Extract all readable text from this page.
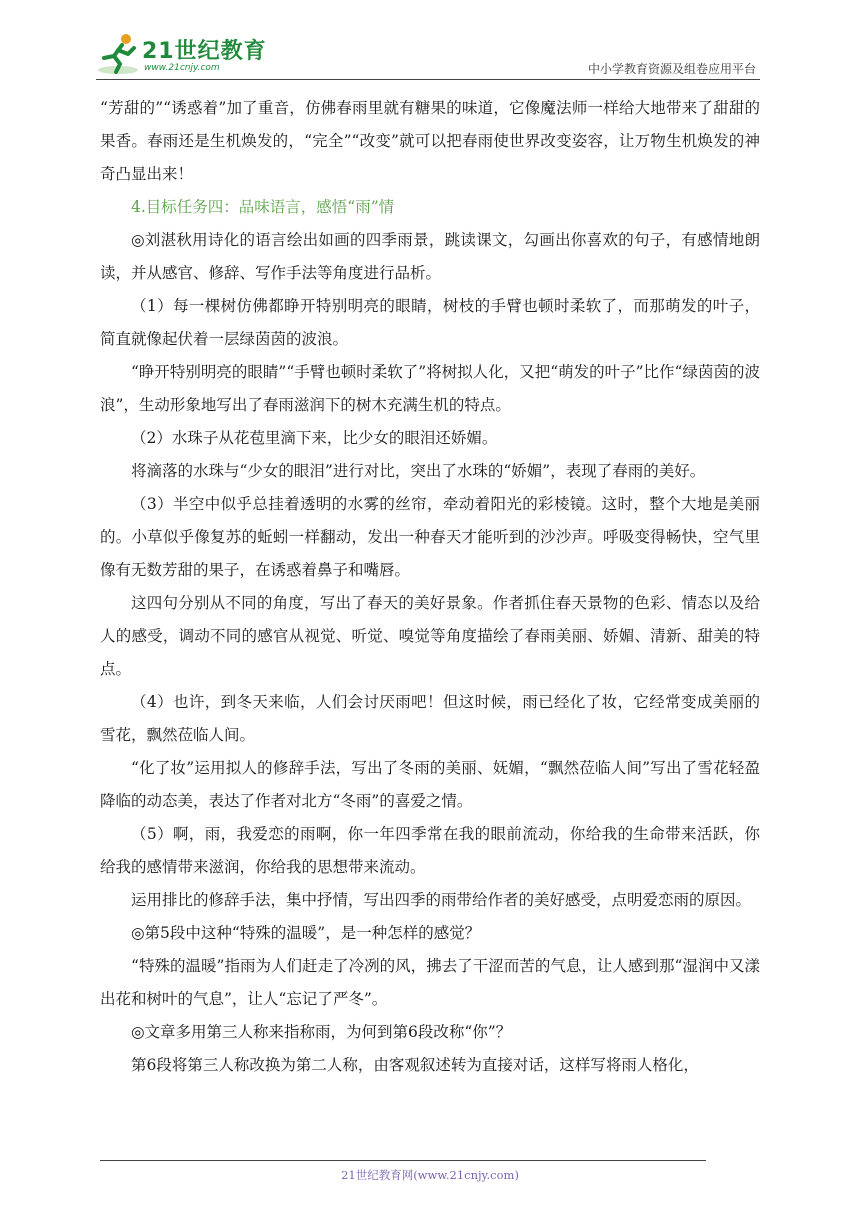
21世纪教育
www.21cnjy.com	中小学教育资源及组卷应用平台

“芳甜的”“诱惑着”加了重音，仿佛春雨里就有糖果的味道，它像魔法师一样给大地带来了甜甜的果香。春雨还是生机焕发的，“完全”“改变”就可以把春雨使世界改变姿容，让万物生机焕发的神奇凸显出来！

4.目标任务四：品味语言，感悟“雨”情

◎刘湛秋用诗化的语言绘出如画的四季雨景，跳读课文，勾画出你喜欢的句子，有感情地朗读，并从感官、修辞、写作手法等角度进行品析。

（1）每一棵树仿佛都睁开特别明亮的眼睛，树枝的手臂也顿时柔软了，而那萌发的叶子，简直就像起伏着一层绿茵茵的波浪。

“睁开特别明亮的眼睛”“手臂也顿时柔软了”将树拟人化，又把“萌发的叶子”比作“绿茵茵的波浪”，生动形象地写出了春雨滋润下的树木充满生机的特点。

（2）水珠子从花苞里滴下来，比少女的眼泪还娇媚。

将滴落的水珠与“少女的眼泪”进行对比，突出了水珠的“娇媚”，表现了春雨的美好。

（3）半空中似乎总挂着透明的水雾的丝帘，牵动着阳光的彩棱镜。这时，整个大地是美丽的。小草似乎像复苏的蚯蚓一样翻动，发出一种春天才能听到的沙沙声。呼吸变得畅快，空气里像有无数芳甜的果子，在诱惑着鼻子和嘴唇。

这四句分别从不同的角度，写出了春天的美好景象。作者抓住春天景物的色彩、情态以及给人的感受，调动不同的感官从视觉、听觉、嗅觉等角度描绘了春雨美丽、娇媚、清新、甜美的特点。

（4）也许，到冬天来临，人们会讨厌雨吧！但这时候，雨已经化了妆，它经常变成美丽的雪花，飘然莅临人间。

“化了妆”运用拟人的修辞手法，写出了冬雨的美丽、妩媚，“飘然莅临人间”写出了雪花轻盈降临的动态美，表达了作者对北方“冬雨”的喜爱之情。

（5）啊，雨，我爱恋的雨啊，你一年四季常在我的眼前流动，你给我的生命带来活跃，你给我的感情带来滋润，你给我的思想带来流动。

运用排比的修辞手法，集中抒情，写出四季的雨带给作者的美好感受，点明爱恋雨的原因。

◎第5段中这种“特殊的温暖”，是一种怎样的感觉？

“特殊的温暖”指雨为人们赶走了冷冽的风，拂去了干涩而苦的气息，让人感到那“湿润中又漾出花和树叶的气息”，让人“忘记了严冬”。

◎文章多用第三人称来指称雨，为何到第6段改称“你”？

第6段将第三人称改换为第二人称，由客观叙述转为直接对话，这样写将雨人格化，

21世纪教育网(www.21cnjy.com)
